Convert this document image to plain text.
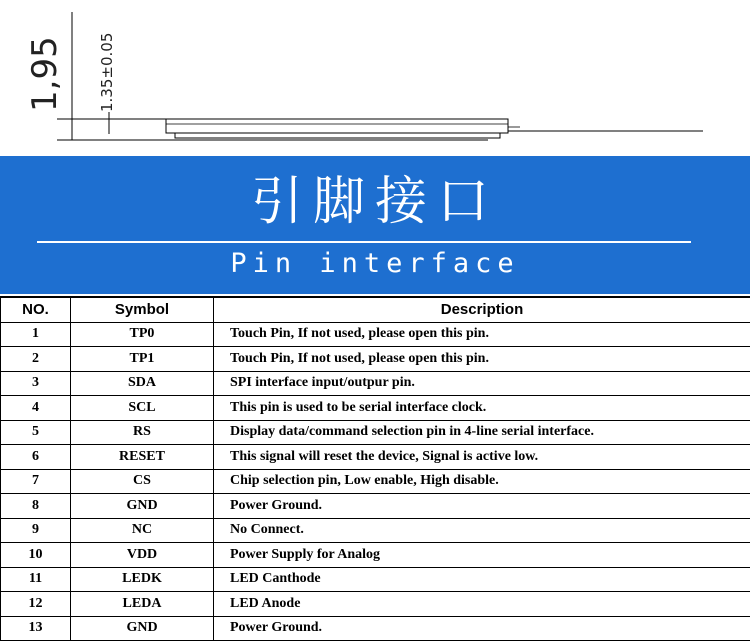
1,95 1.35±0.05
引脚接口
Pin interface
NO.	Symbol	Description
1	TP0	Touch Pin, If not used, please open this pin.
2	TP1	Touch Pin, If not used, please open this pin.
3	SDA	SPI interface input/outpur pin.
4	SCL	This pin is used to be serial interface clock.
5	RS	Display data/command selection pin in 4-line serial interface.
6	RESET	This signal will reset the device, Signal is active low.
7	CS	Chip selection pin, Low enable, High disable.
8	GND	Power Ground.
9	NC	No Connect.
10	VDD	Power Supply for Analog
11	LEDK	LED Canthode
12	LEDA	LED Anode
13	GND	Power Ground.
